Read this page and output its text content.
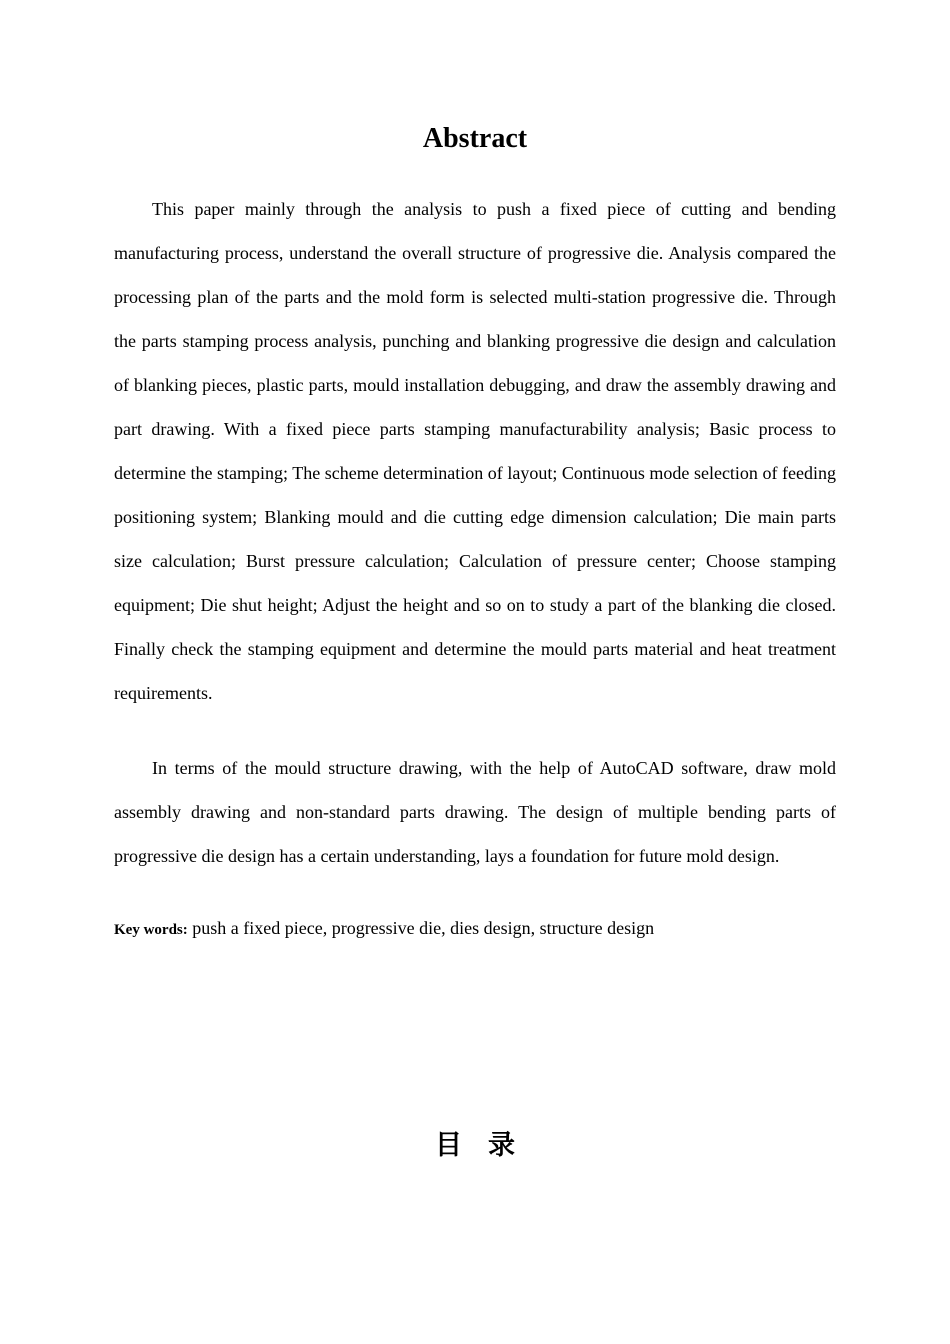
Abstract

This paper mainly through the analysis to push a fixed piece of cutting and bending manufacturing process, understand the overall structure of progressive die. Analysis compared the processing plan of the parts and the mold form is selected multi-station progressive die. Through the parts stamping process analysis, punching and blanking progressive die design and calculation of blanking pieces, plastic parts, mould installation debugging, and draw the assembly drawing and part drawing. With a fixed piece parts stamping manufacturability analysis; Basic process to determine the stamping; The scheme determination of layout; Continuous mode selection of feeding positioning system; Blanking mould and die cutting edge dimension calculation; Die main parts size calculation; Burst pressure calculation; Calculation of pressure center; Choose stamping equipment; Die shut height; Adjust the height and so on to study a part of the blanking die closed. Finally check the stamping equipment and determine the mould parts material and heat treatment requirements.

In terms of the mould structure drawing, with the help of AutoCAD software, draw mold assembly drawing and non-standard parts drawing. The design of multiple bending parts of progressive die design has a certain understanding, lays a foundation for future mold design.

Key words: push a fixed piece, progressive die, dies design, structure design
目录
